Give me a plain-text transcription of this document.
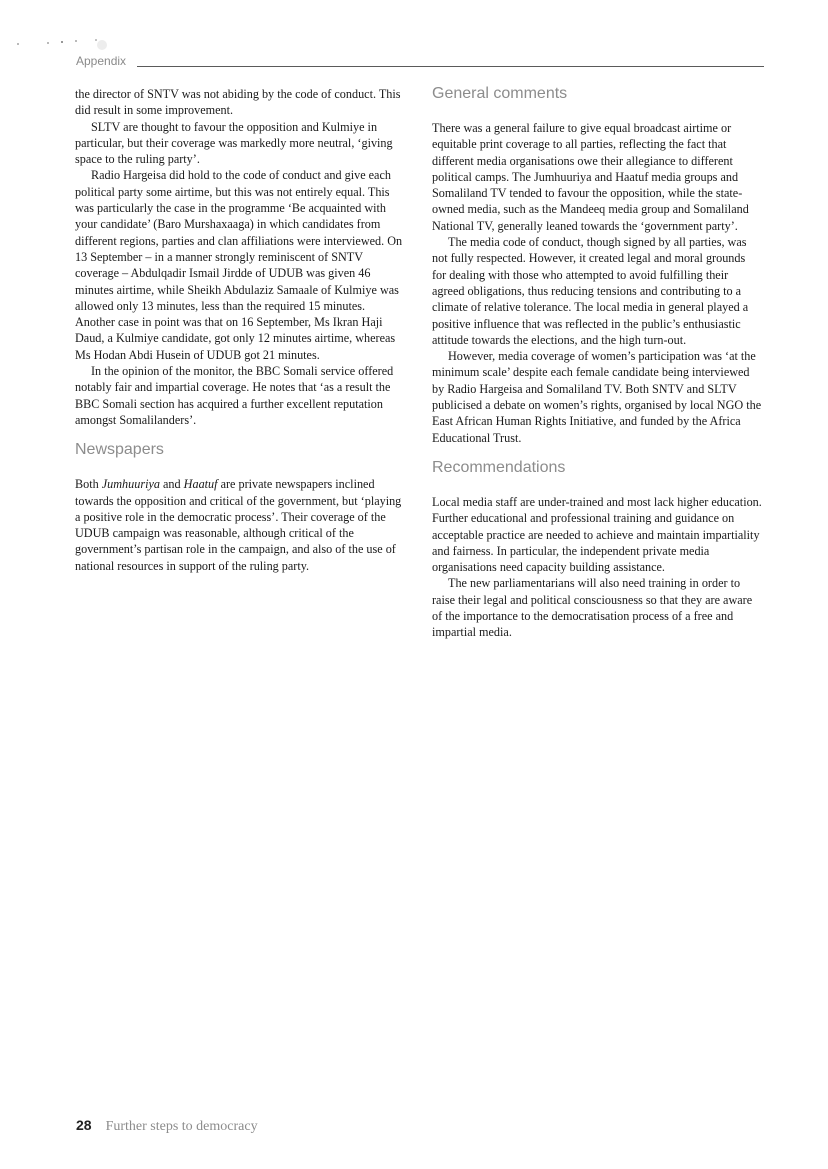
Appendix

the director of SNTV was not abiding by the code of conduct. This did result in some improvement.

SLTV are thought to favour the opposition and Kulmiye in particular, but their coverage was markedly more neutral, ‘giving space to the ruling party’.

Radio Hargeisa did hold to the code of conduct and give each political party some airtime, but this was not entirely equal. This was particularly the case in the programme ‘Be acquainted with your candidate’ (Baro Murshaxaaga) in which candidates from different regions, parties and clan affiliations were interviewed. On 13 September – in a manner strongly reminiscent of SNTV coverage – Abdulqadir Ismail Jirdde of UDUB was given 46 minutes airtime, while Sheikh Abdulaziz Samaale of Kulmiye was allowed only 13 minutes, less than the required 15 minutes. Another case in point was that on 16 September, Ms Ikran Haji Daud, a Kulmiye candidate, got only 12 minutes airtime, whereas Ms Hodan Abdi Husein of UDUB got 21 minutes.

In the opinion of the monitor, the BBC Somali service offered notably fair and impartial coverage. He notes that ‘as a result the BBC Somali section has acquired a further excellent reputation amongst Somalilanders’.

Newspapers

Both Jumhuuriya and Haatuf are private newspapers inclined towards the opposition and critical of the government, but ‘playing a positive role in the democratic process’. Their coverage of the UDUB campaign was reasonable, although critical of the government’s partisan role in the campaign, and also of the use of national resources in support of the ruling party.

General comments

There was a general failure to give equal broadcast airtime or equitable print coverage to all parties, reflecting the fact that different media organisations owe their allegiance to different political camps. The Jumhuuriya and Haatuf media groups and Somaliland TV tended to favour the opposition, while the state-owned media, such as the Mandeeq media group and Somaliland National TV, generally leaned towards the ‘government party’.

The media code of conduct, though signed by all parties, was not fully respected. However, it created legal and moral grounds for dealing with those who attempted to avoid fulfilling their agreed obligations, thus reducing tensions and contributing to a climate of relative tolerance. The local media in general played a positive influence that was reflected in the public’s enthusiastic attitude towards the elections, and the high turn-out.

However, media coverage of women’s participation was ‘at the minimum scale’ despite each female candidate being interviewed by Radio Hargeisa and Somaliland TV. Both SNTV and SLTV publicised a debate on women’s rights, organised by local NGO the East African Human Rights Initiative, and funded by the Africa Educational Trust.

Recommendations

Local media staff are under-trained and most lack higher education. Further educational and professional training and guidance on acceptable practice are needed to achieve and maintain impartiality and fairness. In particular, the independent private media organisations need capacity building assistance.

The new parliamentarians will also need training in order to raise their legal and political consciousness so that they are aware of the importance to the democratisation process of a free and impartial media.

28 Further steps to democracy
